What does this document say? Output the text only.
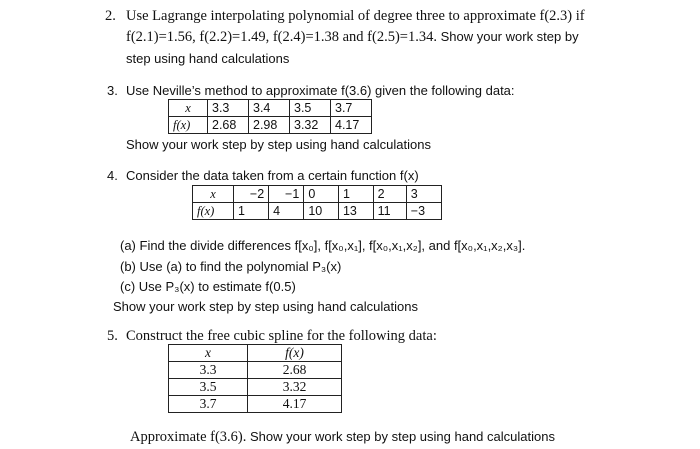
2. Use Lagrange interpolating polynomial of degree three to approximate f(2.3) if
f(2.1)=1.56, f(2.2)=1.49, f(2.4)=1.38 and f(2.5)=1.34. Show your work step by
step using hand calculations
3. Use Neville’s method to approximate f(3.6) given the following data:
x	3.3	3.4	3.5	3.7
f(x)	2.68	2.98	3.32	4.17
Show your work step by step using hand calculations
4. Consider the data taken from a certain function f(x)
x	−2	−1	0	1	2	3
f(x)	1	4	10	13	11	−3
(a) Find the divide differences f[x₀], f[x₀,x₁], f[x₀,x₁,x₂], and f[x₀,x₁,x₂,x₃].
(b) Use (a) to find the polynomial P₃(x)
(c) Use P₃(x) to estimate f(0.5)
Show your work step by step using hand calculations
5. Construct the free cubic spline for the following data:
x	f(x)
3.3	2.68
3.5	3.32
3.7	4.17
Approximate f(3.6). Show your work step by step using hand calculations
